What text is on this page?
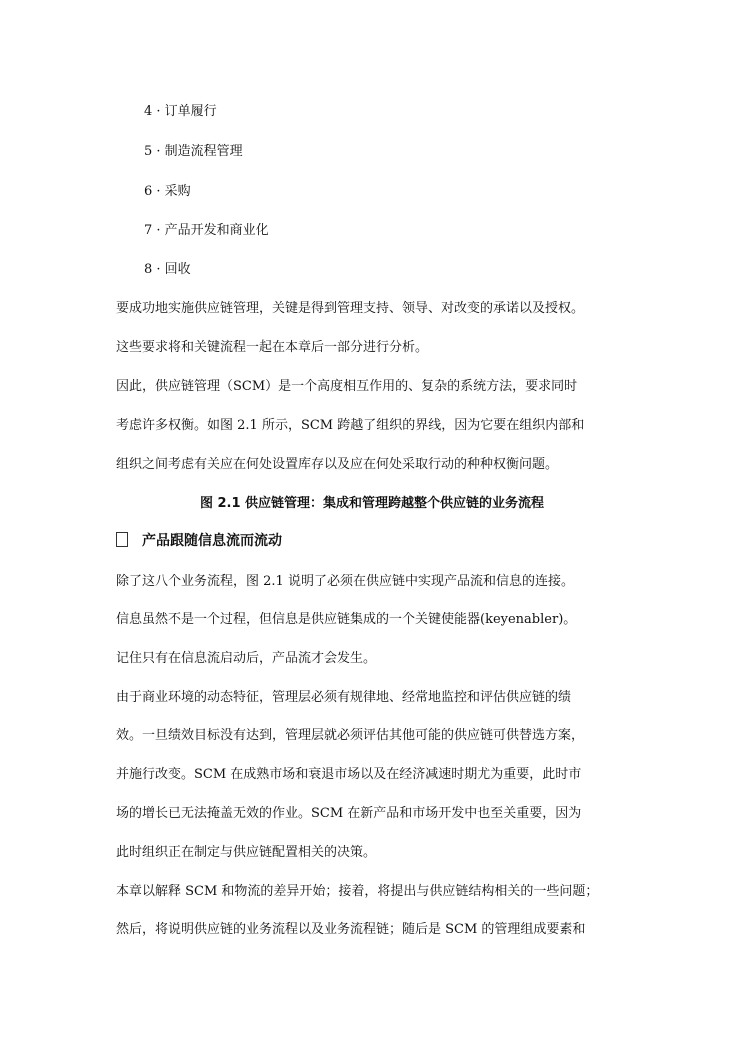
4 · 订单履行
5 · 制造流程管理
6 · 采购
7 · 产品开发和商业化
8 · 回收
要成功地实施供应链管理，关键是得到管理支持、领导、对改变的承诺以及授权。
这些要求将和关键流程一起在本章后一部分进行分析。
因此，供应链管理（SCM）是一个高度相互作用的、复杂的系统方法，要求同时
考虑许多权衡。如图 2.1 所示，SCM 跨越了组织的界线，因为它要在组织内部和
组织之间考虑有关应在何处设置库存以及应在何处采取行动的种种权衡问题。
图 2.1 供应链管理：集成和管理跨越整个供应链的业务流程
产品跟随信息流而流动
除了这八个业务流程，图 2.1 说明了必须在供应链中实现产品流和信息的连接。
信息虽然不是一个过程，但信息是供应链集成的一个关键使能器(keyenabler)。
记住只有在信息流启动后，产品流才会发生。
由于商业环境的动态特征，管理层必须有规律地、经常地监控和评估供应链的绩
效。一旦绩效目标没有达到，管理层就必须评估其他可能的供应链可供替选方案，
并施行改变。SCM 在成熟市场和衰退市场以及在经济减速时期尤为重要，此时市
场的增长已无法掩盖无效的作业。SCM 在新产品和市场开发中也至关重要，因为
此时组织正在制定与供应链配置相关的决策。
本章以解释 SCM 和物流的差异开始；接着，将提出与供应链结构相关的一些问题；
然后，将说明供应链的业务流程以及业务流程链；随后是 SCM 的管理组成要素和
